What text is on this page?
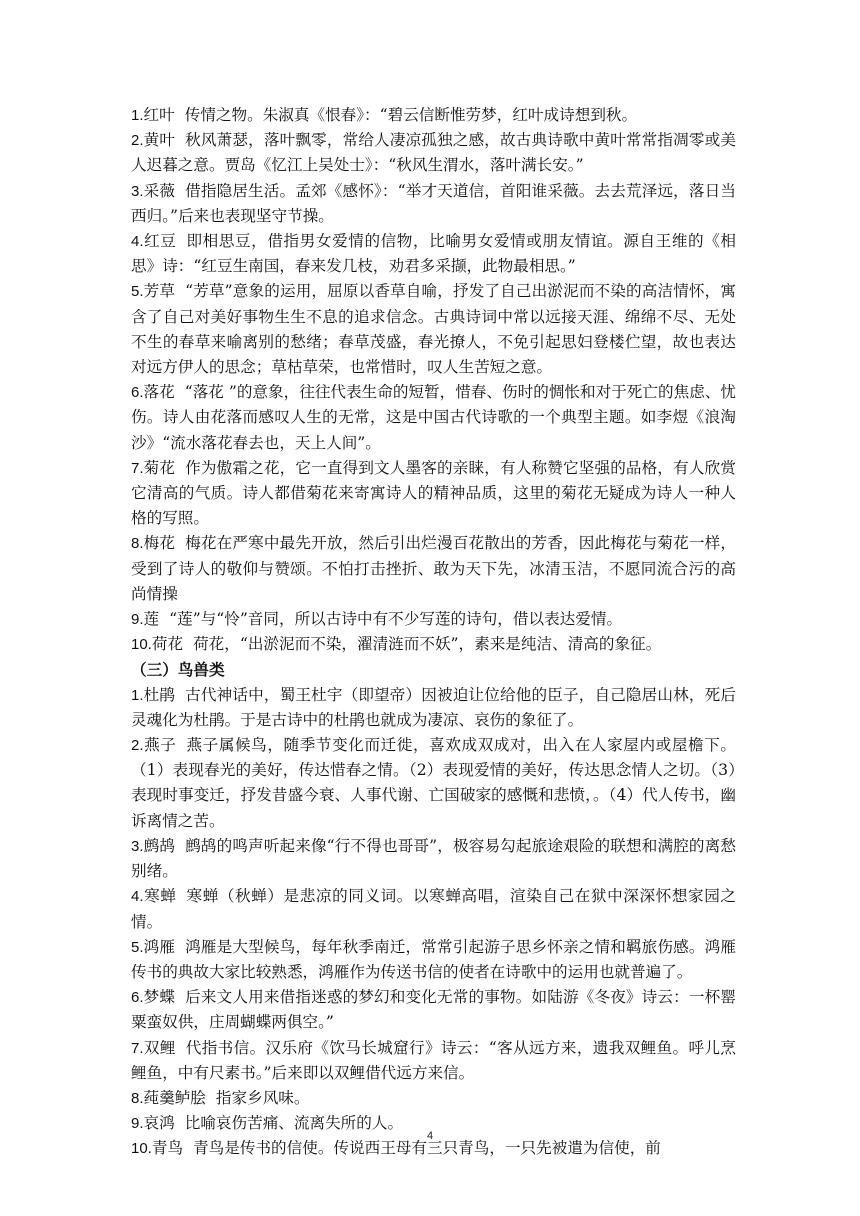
1.红叶 传情之物。朱淑真《恨春》：“碧云信断惟劳梦，红叶成诗想到秋。

2.黄叶 秋风萧瑟，落叶飘零，常给人凄凉孤独之感，故古典诗歌中黄叶常常指凋零或美人迟暮之意。贾岛《忆江上吴处士》：“秋风生渭水，落叶满长安。”

3.采薇 借指隐居生活。孟郊《感怀》：“举才天道信，首阳谁采薇。去去荒泽远，落日当西归。”后来也表现坚守节操。

4.红豆 即相思豆，借指男女爱情的信物，比喻男女爱情或朋友情谊。源自王维的《相思》诗：“红豆生南国，春来发几枝，劝君多采撷，此物最相思。”

5.芳草 “芳草”意象的运用，屈原以香草自喻，抒发了自己出淤泥而不染的高洁情怀，寓含了自己对美好事物生生不息的追求信念。古典诗词中常以远接天涯、绵绵不尽、无处不生的春草来喻离别的愁绪；春草茂盛，春光撩人，不免引起思妇登楼伫望，故也表达对远方伊人的思念；草枯草荣，也常惜时，叹人生苦短之意。

6.落花 “落花 ”的意象，往往代表生命的短暂，惜春、伤时的惆怅和对于死亡的焦虑、忧伤。诗人由花落而感叹人生的无常，这是中国古代诗歌的一个典型主题。如李煜《浪淘沙》“流水落花春去也，天上人间”。

7.菊花 作为傲霜之花，它一直得到文人墨客的亲睐，有人称赞它坚强的品格，有人欣赏它清高的气质。诗人都借菊花来寄寓诗人的精神品质，这里的菊花无疑成为诗人一种人格的写照。

8.梅花 梅花在严寒中最先开放，然后引出烂漫百花散出的芳香，因此梅花与菊花一样，受到了诗人的敬仰与赞颂。不怕打击挫折、敢为天下先，冰清玉洁，不愿同流合污的高尚情操

9.莲 “莲”与“怜”音同，所以古诗中有不少写莲的诗句，借以表达爱情。

10.荷花 荷花，“出淤泥而不染，濯清涟而不妖”，素来是纯洁、清高的象征。

（三）鸟兽类

1.杜鹃 古代神话中，蜀王杜宇（即望帝）因被迫让位给他的臣子，自己隐居山林，死后灵魂化为杜鹃。于是古诗中的杜鹃也就成为凄凉、哀伤的象征了。

2.燕子 燕子属候鸟，随季节变化而迁徙，喜欢成双成对，出入在人家屋内或屋檐下。（1）表现春光的美好，传达惜春之情。（2）表现爱情的美好，传达思念情人之切。（3）表现时事变迁，抒发昔盛今衰、人事代谢、亡国破家的感慨和悲愤，。（4）代人传书，幽诉离情之苦。

3.鹧鸪 鹧鸪的鸣声听起来像“行不得也哥哥”，极容易勾起旅途艰险的联想和满腔的离愁别绪。

4.寒蝉 寒蝉（秋蝉）是悲凉的同义词。以寒蝉高唱，渲染自己在狱中深深怀想家园之情。

5.鸿雁 鸿雁是大型候鸟，每年秋季南迁，常常引起游子思乡怀亲之情和羁旅伤感。鸿雁传书的典故大家比较熟悉，鸿雁作为传送书信的使者在诗歌中的运用也就普遍了。

6.梦蝶 后来文人用来借指迷惑的梦幻和变化无常的事物。如陆游《冬夜》诗云：一杯罂粟蛮奴供，庄周蝴蝶两俱空。”

7.双鲤 代指书信。汉乐府《饮马长城窟行》诗云：“客从远方来，遗我双鲤鱼。呼儿烹鲤鱼，中有尺素书。”后来即以双鲤借代远方来信。

8.莼羹鲈脍 指家乡风味。

9.哀鸿 比喻哀伤苦痛、流离失所的人。

10.青鸟 青鸟是传书的信使。传说西王母有三只青鸟，一只先被遣为信使，前

4
